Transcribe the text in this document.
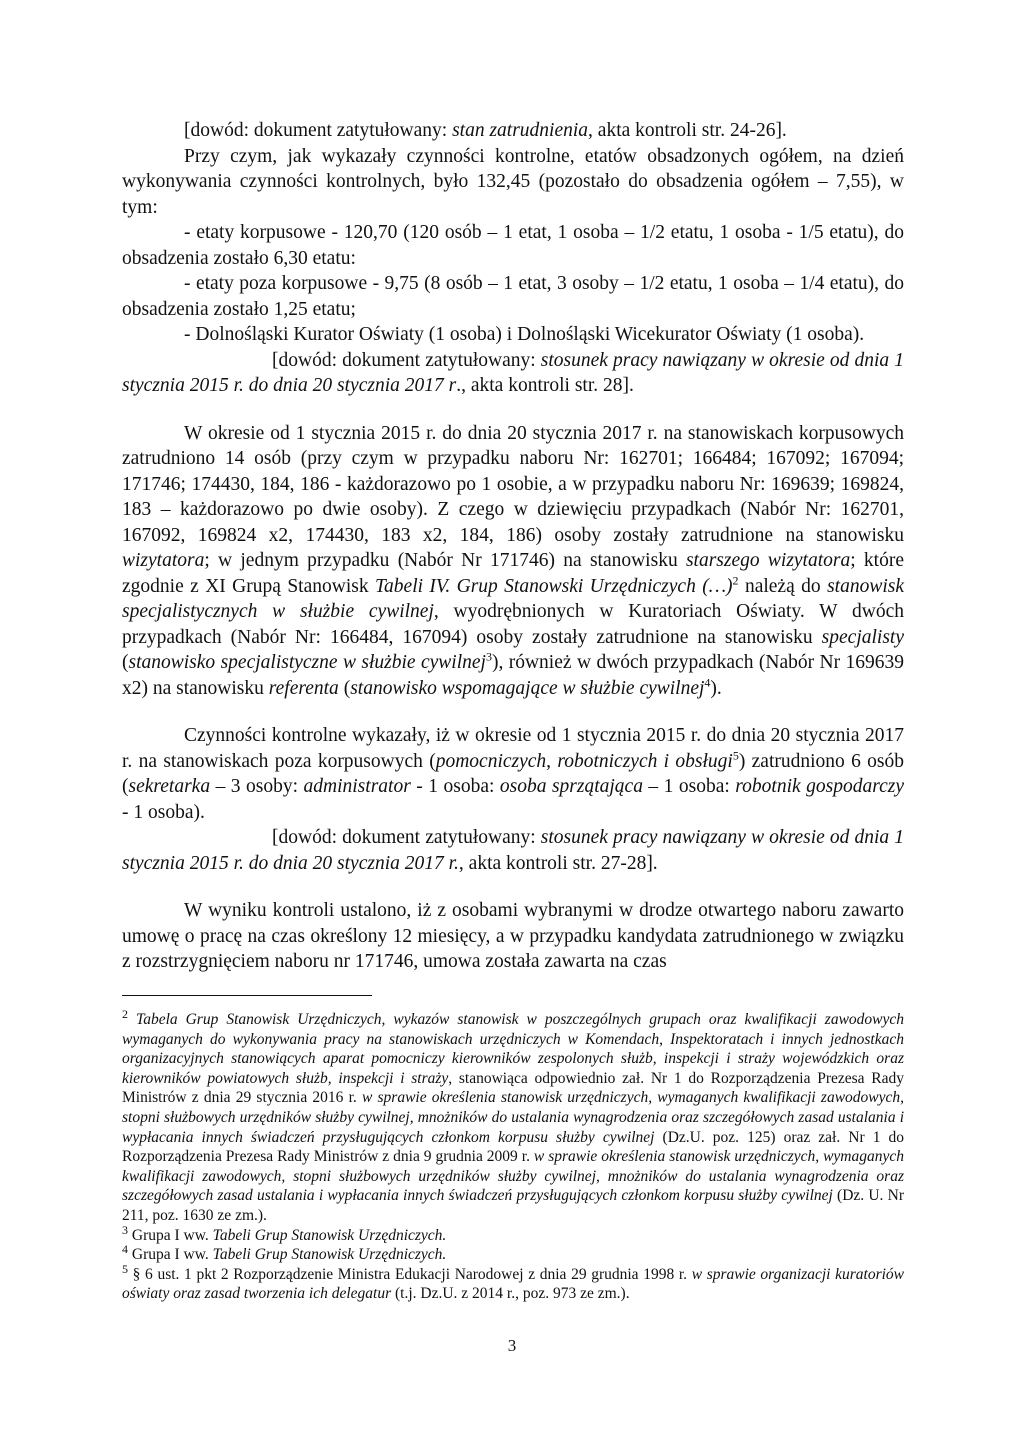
[dowód: dokument zatytułowany: stan zatrudnienia, akta kontroli str. 24-26].

Przy czym, jak wykazały czynności kontrolne, etatów obsadzonych ogółem, na dzień wykonywania czynności kontrolnych, było 132,45 (pozostało do obsadzenia ogółem – 7,55), w tym:

- etaty korpusowe - 120,70 (120 osób – 1 etat, 1 osoba – 1/2 etatu, 1 osoba - 1/5 etatu), do obsadzenia zostało 6,30 etatu:

- etaty poza korpusowe - 9,75 (8 osób – 1 etat, 3 osoby – 1/2 etatu, 1 osoba – 1/4 etatu), do obsadzenia zostało 1,25 etatu;

- Dolnośląski Kurator Oświaty (1 osoba) i Dolnośląski Wicekurator Oświaty (1 osoba).

[dowód: dokument zatytułowany: stosunek pracy nawiązany w okresie od dnia 1 stycznia 2015 r. do dnia 20 stycznia 2017 r., akta kontroli str. 28].

W okresie od 1 stycznia 2015 r. do dnia 20 stycznia 2017 r. na stanowiskach korpusowych zatrudniono 14 osób (przy czym w przypadku naboru Nr: 162701; 166484; 167092; 167094; 171746; 174430, 184, 186 - każdorazowo po 1 osobie, a w przypadku naboru Nr: 169639; 169824, 183 – każdorazowo po dwie osoby). Z czego w dziewięciu przypadkach (Nabór Nr: 162701, 167092, 169824 x2, 174430, 183 x2, 184, 186) osoby zostały zatrudnione na stanowisku wizytatora; w jednym przypadku (Nabór Nr 171746) na stanowisku starszego wizytatora; które zgodnie z XI Grupą Stanowisk Tabeli IV. Grup Stanowski Urzędniczych (…)$^2$ należą do stanowisk specjalistycznych w służbie cywilnej, wyodrębnionych w Kuratoriach Oświaty. W dwóch przypadkach (Nabór Nr: 166484, 167094) osoby zostały zatrudnione na stanowisku specjalisty (stanowisko specjalistyczne w służbie cywilnej$^3$), również w dwóch przypadkach (Nabór Nr 169639 x2) na stanowisku referenta (stanowisko wspomagające w służbie cywilnej$^4$).

Czynności kontrolne wykazały, iż w okresie od 1 stycznia 2015 r. do dnia 20 stycznia 2017 r. na stanowiskach poza korpusowych (pomocniczych, robotniczych i obsługi$^5$) zatrudniono 6 osób (sekretarka – 3 osoby: administrator - 1 osoba: osoba sprzątająca – 1 osoba: robotnik gospodarczy - 1 osoba).

[dowód: dokument zatytułowany: stosunek pracy nawiązany w okresie od dnia 1 stycznia 2015 r. do dnia 20 stycznia 2017 r., akta kontroli str. 27-28].

W wyniku kontroli ustalono, iż z osobami wybranymi w drodze otwartego naboru zawarto umowę o pracę na czas określony 12 miesięcy, a w przypadku kandydata zatrudnionego w związku z rozstrzygnięciem naboru nr 171746, umowa została zawarta na czas

$^2$ Tabela Grup Stanowisk Urzędniczych, wykazów stanowisk w poszczególnych grupach oraz kwalifikacji zawodowych wymaganych do wykonywania pracy na stanowiskach urzędniczych w Komendach, Inspektoratach i innych jednostkach organizacyjnych stanowiących aparat pomocniczy kierowników zespolonych służb, inspekcji i straży wojewódzkich oraz kierowników powiatowych służb, inspekcji i straży, stanowiąca odpowiednio zał. Nr 1 do Rozporządzenia Prezesa Rady Ministrów z dnia 29 stycznia 2016 r. w sprawie określenia stanowisk urzędniczych, wymaganych kwalifikacji zawodowych, stopni służbowych urzędników służby cywilnej, mnożników do ustalania wynagrodzenia oraz szczegółowych zasad ustalania i wypłacania innych świadczeń przysługujących członkom korpusu służby cywilnej (Dz.U. poz. 125) oraz zał. Nr 1 do Rozporządzenia Prezesa Rady Ministrów z dnia 9 grudnia 2009 r. w sprawie określenia stanowisk urzędniczych, wymaganych kwalifikacji zawodowych, stopni służbowych urzędników służby cywilnej, mnożników do ustalania wynagrodzenia oraz szczegółowych zasad ustalania i wypłacania innych świadczeń przysługujących członkom korpusu służby cywilnej (Dz. U. Nr 211, poz. 1630 ze zm.).

$^3$ Grupa I ww. Tabeli Grup Stanowisk Urzędniczych.

$^4$ Grupa I ww. Tabeli Grup Stanowisk Urzędniczych.

$^5$ § 6 ust. 1 pkt 2 Rozporządzenie Ministra Edukacji Narodowej z dnia 29 grudnia 1998 r. w sprawie organizacji kuratoriów oświaty oraz zasad tworzenia ich delegatur (t.j. Dz.U. z 2014 r., poz. 973 ze zm.).

3
